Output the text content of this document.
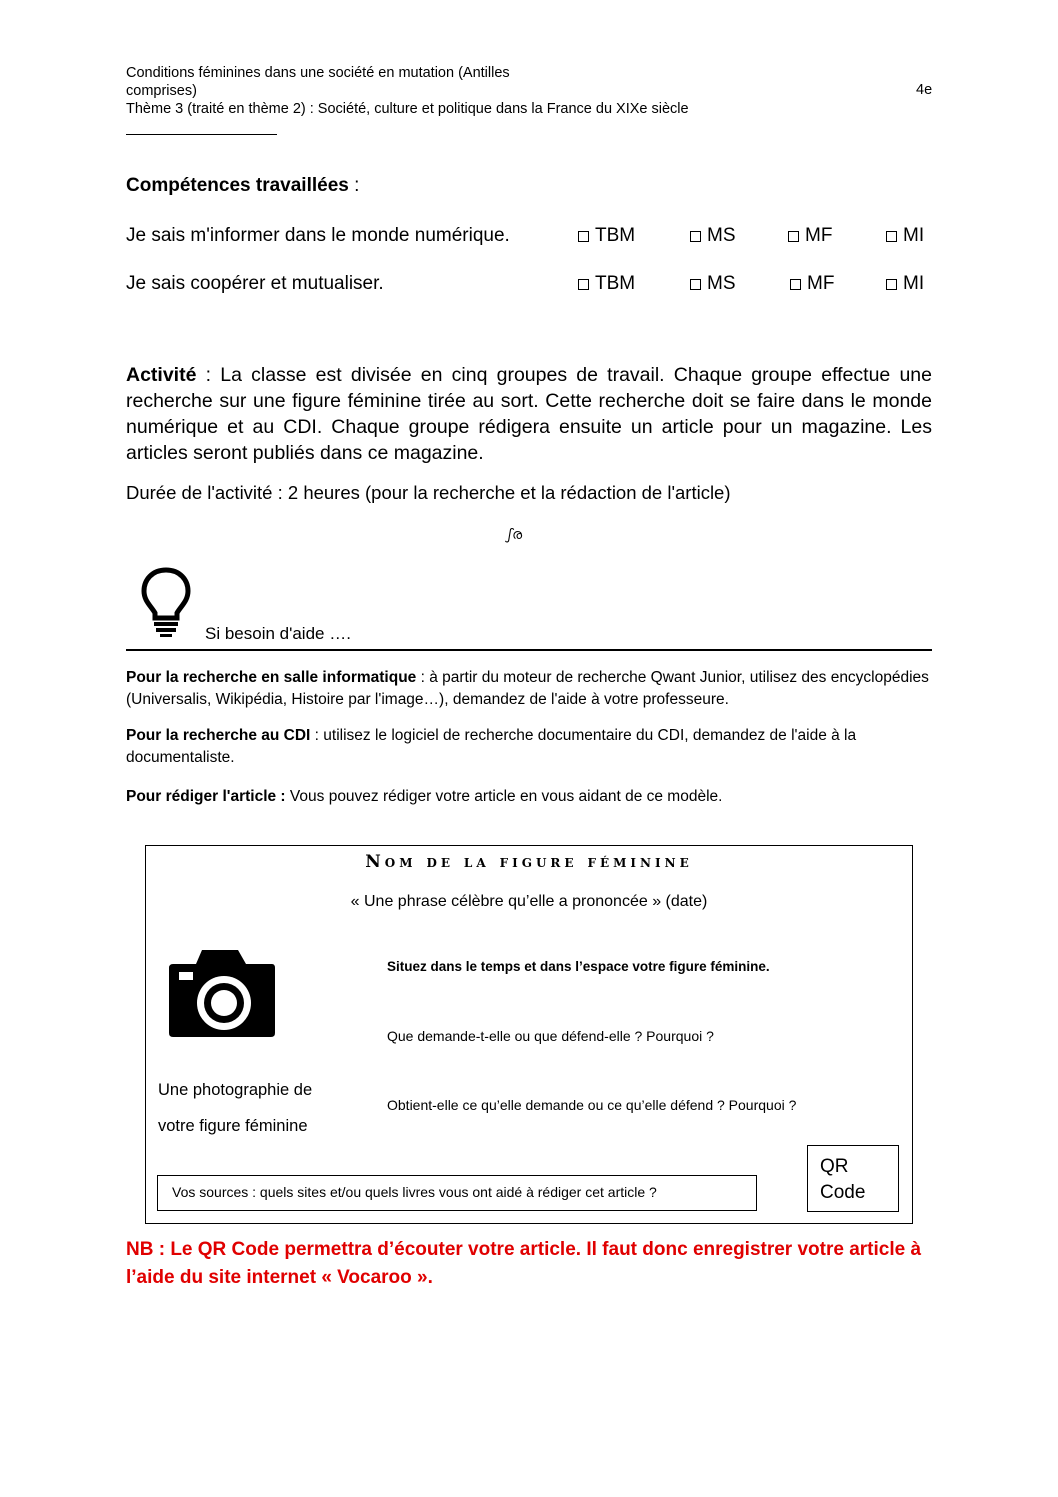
Conditions féminines dans une société en mutation (Antilles
comprises)
Thème 3 (traité en thème 2) : Société, culture et politique dans la France du XIXe siècle
4e
Compétences travaillées :
Je sais m'informer dans le monde numérique.	TBM	MS	MF	MI
Je sais coopérer et mutualiser.	TBM	MS	MF	MI
Activité : La classe est divisée en cinq groupes de travail. Chaque groupe effectue une recherche sur une figure féminine tirée au sort. Cette recherche doit se faire dans le monde numérique et au CDI. Chaque groupe rédigera ensuite un article pour un magazine. Les articles seront publiés dans ce magazine.
Durée de l'activité : 2 heures (pour la recherche et la rédaction de l'article)
ഽര
Si besoin d'aide ….
Pour la recherche en salle informatique : à partir du moteur de recherche Qwant Junior, utilisez des encyclopédies (Universalis, Wikipédia, Histoire par l'image…), demandez de l'aide à votre professeure.
Pour la recherche au CDI : utilisez le logiciel de recherche documentaire du CDI, demandez de l'aide à la documentaliste.
Pour rédiger l'article : Vous pouvez rédiger votre article en vous aidant de ce modèle.
Nom de la figure féminine
« Une phrase célèbre qu’elle a prononcée » (date)
Une photographie de
votre figure féminine
Situez dans le temps et dans l’espace votre figure féminine.
Que demande-t-elle ou que défend-elle ? Pourquoi ?
Obtient-elle ce qu’elle demande ou ce qu’elle défend ? Pourquoi ?
Vos sources : quels sites et/ou quels livres vous ont aidé à rédiger cet article ?
QR
Code
NB : Le QR Code permettra d’écouter votre article. Il faut donc enregistrer votre article à l’aide du site internet « Vocaroo ».
